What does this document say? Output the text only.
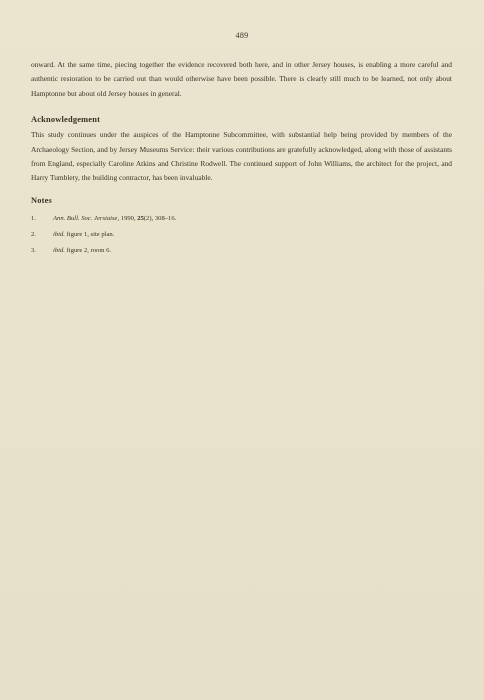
489

onward. At the same time, piecing together the evidence recovered both here, and in other Jersey houses, is enabling a more careful and authentic restoration to be carried out than would otherwise have been possible. There is clearly still much to be learned, not only about Hamptonne but about old Jersey houses in general.

Acknowledgement

This study continues under the auspices of the Hamptonne Subcommittee, with substantial help being provided by members of the Archaeology Section, and by Jersey Museums Service: their various contributions are gratefully acknowledged, along with those of assistants from England, especially Caroline Atkins and Christine Rodwell. The continued support of John Williams, the architect for the project, and Harry Tumblety, the building contractor, has been invaluable.

Notes
1.	Ann. Bull. Soc. Jersiaise, 1990, 25(2), 308–16.
2.	ibid. figure 1, site plan.
3.	ibid. figure 2, room 6.
